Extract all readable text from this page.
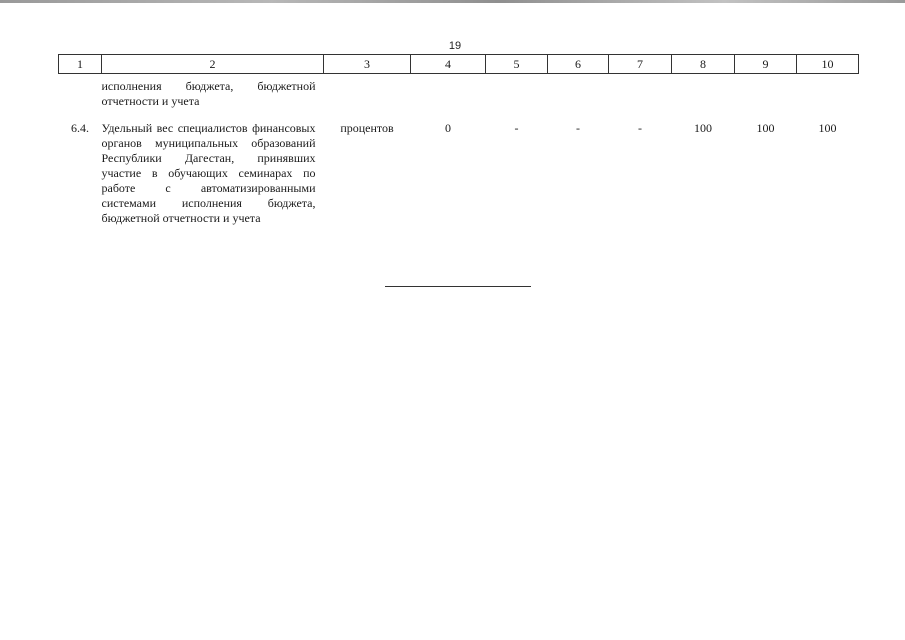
19
1	2	3	4	5	6	7	8	9	10
	исполнения бюджета, бюджетной отчетности и учета								
6.4.	Удельный вес специалистов финансовых органов муниципальных образований Республики Дагестан, принявших участие в обучающих семинарах по работе с автоматизированными системами исполнения бюджета, бюджетной отчетности и учета	процентов	0	-	-	-	100	100	100
